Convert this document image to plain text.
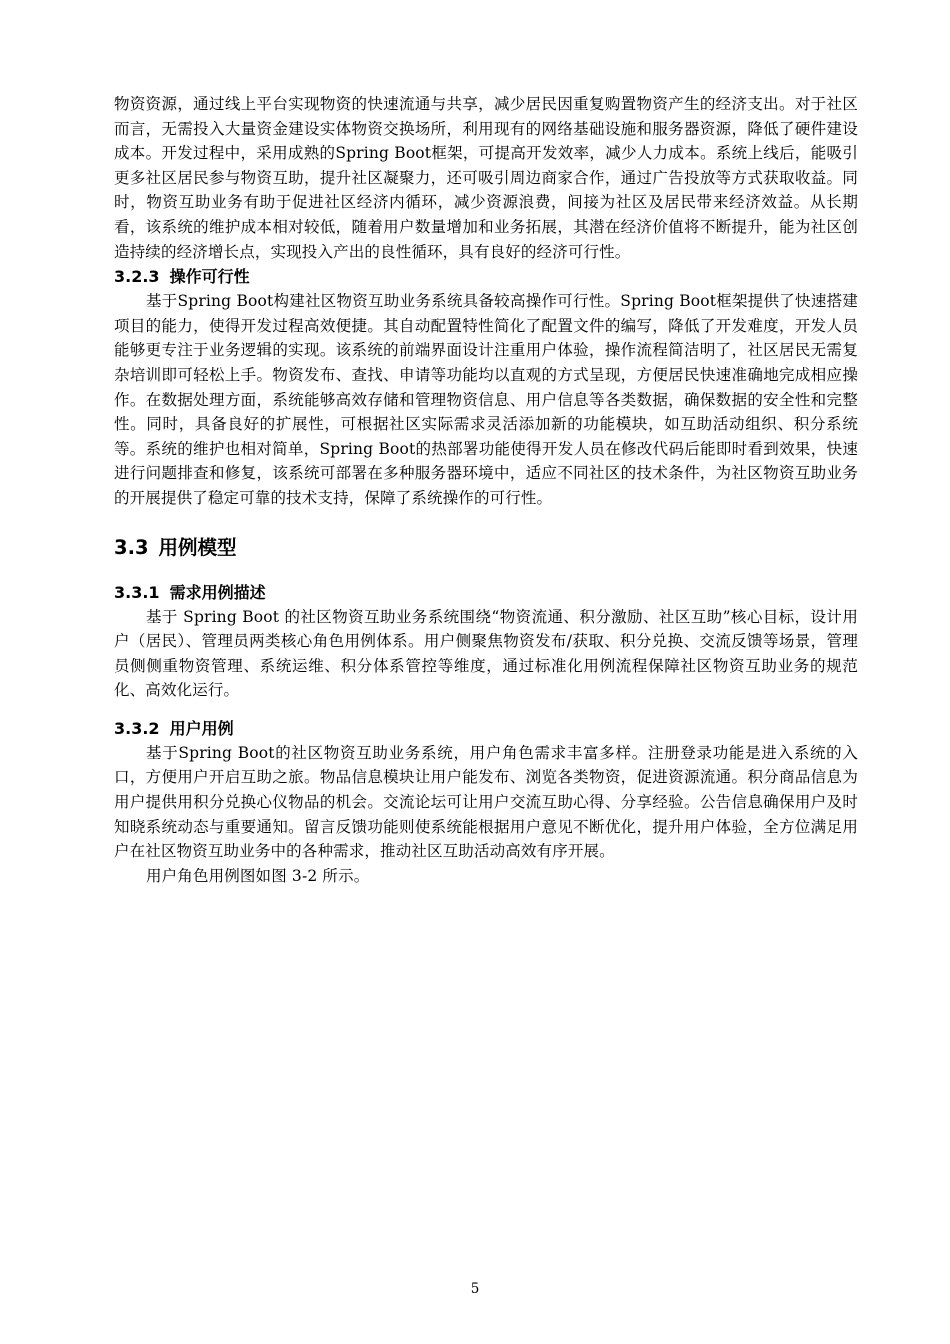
物资资源，通过线上平台实现物资的快速流通与共享，减少居民因重复购置物资产生的经济支出。对于社区而言，无需投入大量资金建设实体物资交换场所，利用现有的网络基础设施和服务器资源，降低了硬件建设成本。开发过程中，采用成熟的Spring Boot框架，可提高开发效率，减少人力成本。系统上线后，能吸引更多社区居民参与物资互助，提升社区凝聚力，还可吸引周边商家合作，通过广告投放等方式获取收益。同时，物资互助业务有助于促进社区经济内循环，减少资源浪费，间接为社区及居民带来经济效益。从长期看，该系统的维护成本相对较低，随着用户数量增加和业务拓展，其潜在经济价值将不断提升，能为社区创造持续的经济增长点，实现投入产出的良性循环，具有良好的经济可行性。

3.2.3 操作可行性

基于Spring Boot构建社区物资互助业务系统具备较高操作可行性。Spring Boot框架提供了快速搭建项目的能力，使得开发过程高效便捷。其自动配置特性简化了配置文件的编写，降低了开发难度，开发人员能够更专注于业务逻辑的实现。该系统的前端界面设计注重用户体验，操作流程简洁明了，社区居民无需复杂培训即可轻松上手。物资发布、查找、申请等功能均以直观的方式呈现，方便居民快速准确地完成相应操作。在数据处理方面，系统能够高效存储和管理物资信息、用户信息等各类数据，确保数据的安全性和完整性。同时，具备良好的扩展性，可根据社区实际需求灵活添加新的功能模块，如互助活动组织、积分系统等。系统的维护也相对简单，Spring Boot的热部署功能使得开发人员在修改代码后能即时看到效果，快速进行问题排查和修复，该系统可部署在多种服务器环境中，适应不同社区的技术条件，为社区物资互助业务的开展提供了稳定可靠的技术支持，保障了系统操作的可行性。

3.3 用例模型
3.3.1 需求用例描述

基于 Spring Boot 的社区物资互助业务系统围绕“物资流通、积分激励、社区互助”核心目标，设计用户（居民）、管理员两类核心角色用例体系。用户侧聚焦物资发布/获取、积分兑换、交流反馈等场景，管理员侧侧重物资管理、系统运维、积分体系管控等维度，通过标准化用例流程保障社区物资互助业务的规范化、高效化运行。

3.3.2 用户用例

基于Spring Boot的社区物资互助业务系统，用户角色需求丰富多样。注册登录功能是进入系统的入口，方便用户开启互助之旅。物品信息模块让用户能发布、浏览各类物资，促进资源流通。积分商品信息为用户提供用积分兑换心仪物品的机会。交流论坛可让用户交流互助心得、分享经验。公告信息确保用户及时知晓系统动态与重要通知。留言反馈功能则使系统能根据用户意见不断优化，提升用户体验，全方位满足用户在社区物资互助业务中的各种需求，推动社区互助活动高效有序开展。

用户角色用例图如图 3-2 所示。

5
